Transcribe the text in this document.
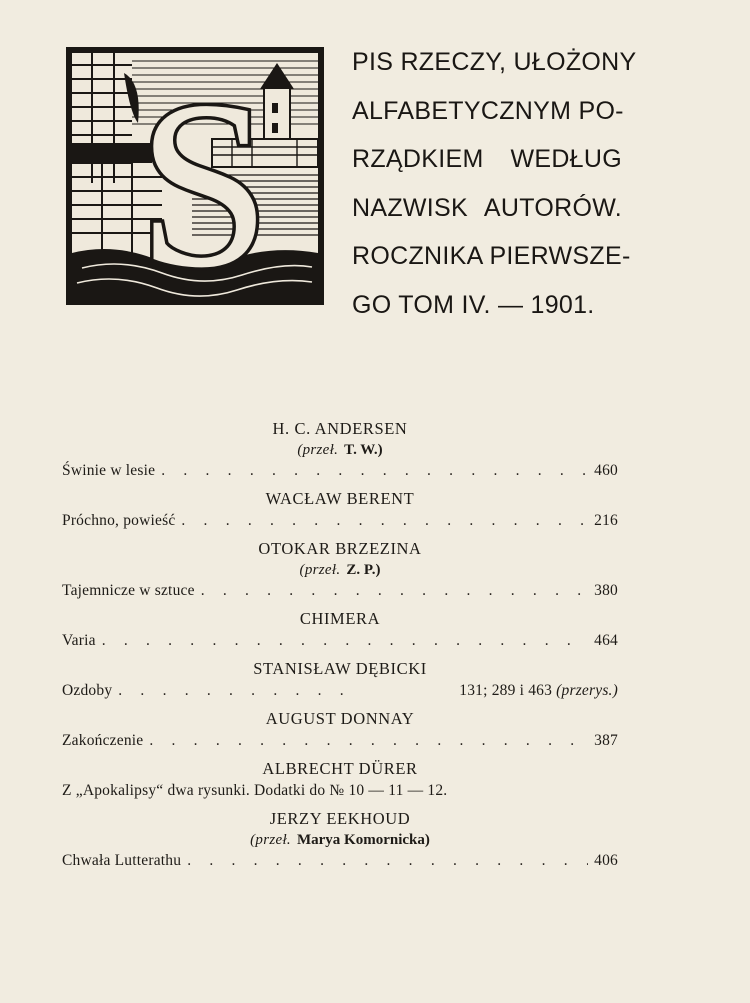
S	PIS RZECZY, UŁOŻONY
ALFABETYCZNYM PO-
RZĄDKIEM WEDŁUG
NAZWISK AUTORÓW.
ROCZNIKA PIERWSZE-
GO TOM IV. — 1901.
H. C. ANDERSEN
(przeł. T. W.)
Świnie w lesie . . .	460
WACŁAW BERENT
Próchno, powieść . . .	216
OTOKAR BRZEZINA
(przeł. Z. P.)
Tajemnicze w sztuce . . .	380
CHIMERA
Varia . . .	464
STANISŁAW DĘBICKI
Ozdoby . . .	131; 289 i 463 (przerys.)
AUGUST DONNAY
Zakończenie . . .	387
ALBRECHT DÜRER
Z „Apokalipsy“ dwa rysunki. Dodatki do № 10 — 11 — 12.
JERZY EEKHOUD
(przeł. Marya Komornicka)
Chwała Lutterathu . . .	406
